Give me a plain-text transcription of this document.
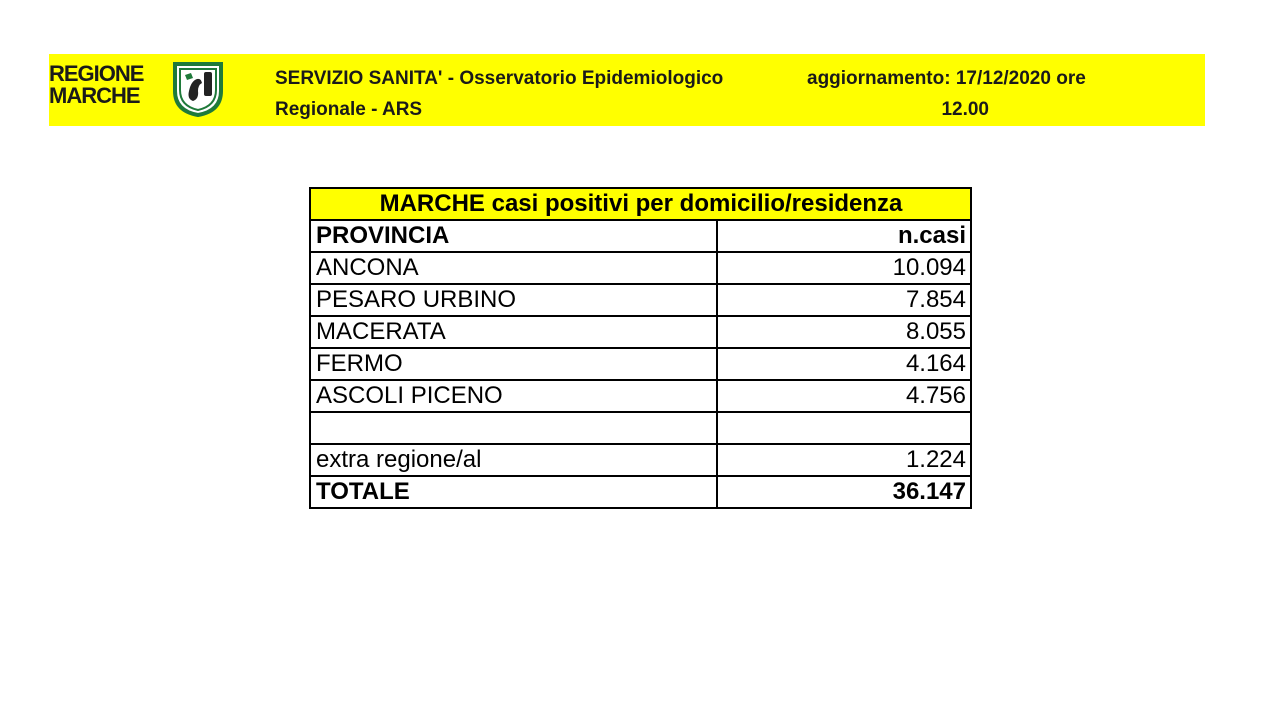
REGIONE
MARCHE
SERVIZIO SANITA' - Osservatorio Epidemiologico
Regionale - ARS
aggiornamento: 17/12/2020 ore
12.00
MARCHE casi positivi per domicilio/residenza	
PROVINCIA	n.casi
ANCONA	10.094
PESARO URBINO	7.854
MACERATA	8.055
FERMO	4.164
ASCOLI PICENO	4.756

extra regione/al	1.224
TOTALE	36.147
